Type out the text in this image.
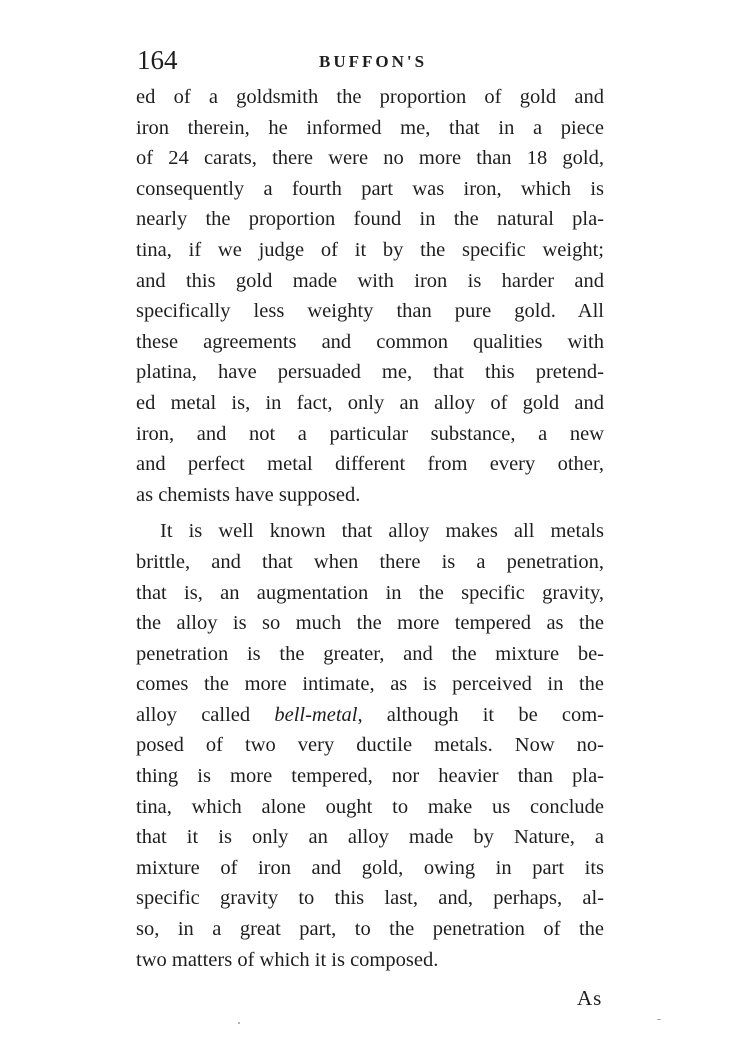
164	BUFFON'S
ed of a goldsmith the proportion of gold and
iron therein, he informed me, that in a piece
of 24 carats, there were no more than 18 gold,
consequently a fourth part was iron, which is
nearly the proportion found in the natural pla-
tina, if we judge of it by the specific weight;
and this gold made with iron is harder and
specifically less weighty than pure gold. All
these agreements and common qualities with
platina, have persuaded me, that this pretend-
ed metal is, in fact, only an alloy of gold and
iron, and not a particular substance, a new
and perfect metal different from every other,
as chemists have supposed.
It is well known that alloy makes all metals
brittle, and that when there is a penetration,
that is, an augmentation in the specific gravity,
the alloy is so much the more tempered as the
penetration is the greater, and the mixture be-
comes the more intimate, as is perceived in the
alloy called bell-metal, although it be com-
posed of two very ductile metals. Now no-
thing is more tempered, nor heavier than pla-
tina, which alone ought to make us conclude
that it is only an alloy made by Nature, a
mixture of iron and gold, owing in part its
specific gravity to this last, and, perhaps, al-
so, in a great part, to the penetration of the
two matters of which it is composed.
As
